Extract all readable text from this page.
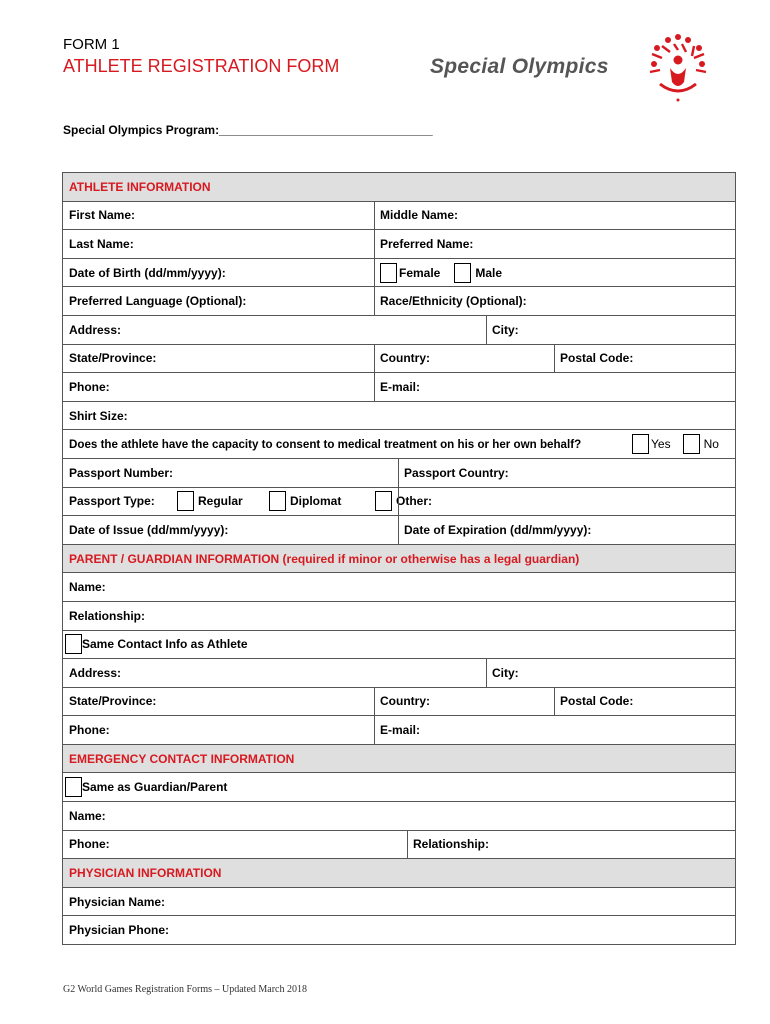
FORM 1
ATHLETE REGISTRATION FORM	Special Olympics
Special Olympics Program:________________________________
ATHLETE INFORMATION
First Name:	Middle Name:
Last Name:	Preferred Name:
Date of Birth (dd/mm/yyyy):	Female	Male
Preferred Language (Optional):	Race/Ethnicity (Optional):
Address:	City:
State/Province:	Country:	Postal Code:
Phone:	E-mail:
Shirt Size:
Does the athlete have the capacity to consent to medical treatment on his or her own behalf?	Yes	No
Passport Number:	Passport Country:
Passport Type:	Regular	Diplomat	Other:
Date of Issue (dd/mm/yyyy):	Date of Expiration (dd/mm/yyyy):
PARENT / GUARDIAN INFORMATION (required if minor or otherwise has a legal guardian)
Name:
Relationship:
Same Contact Info as Athlete
Address:	City:
State/Province:	Country:	Postal Code:
Phone:	E-mail:
EMERGENCY CONTACT INFORMATION
Same as Guardian/Parent
Name:
Phone:	Relationship:
PHYSICIAN INFORMATION
Physician Name:
Physician Phone:
G2 World Games Registration Forms – Updated March 2018
